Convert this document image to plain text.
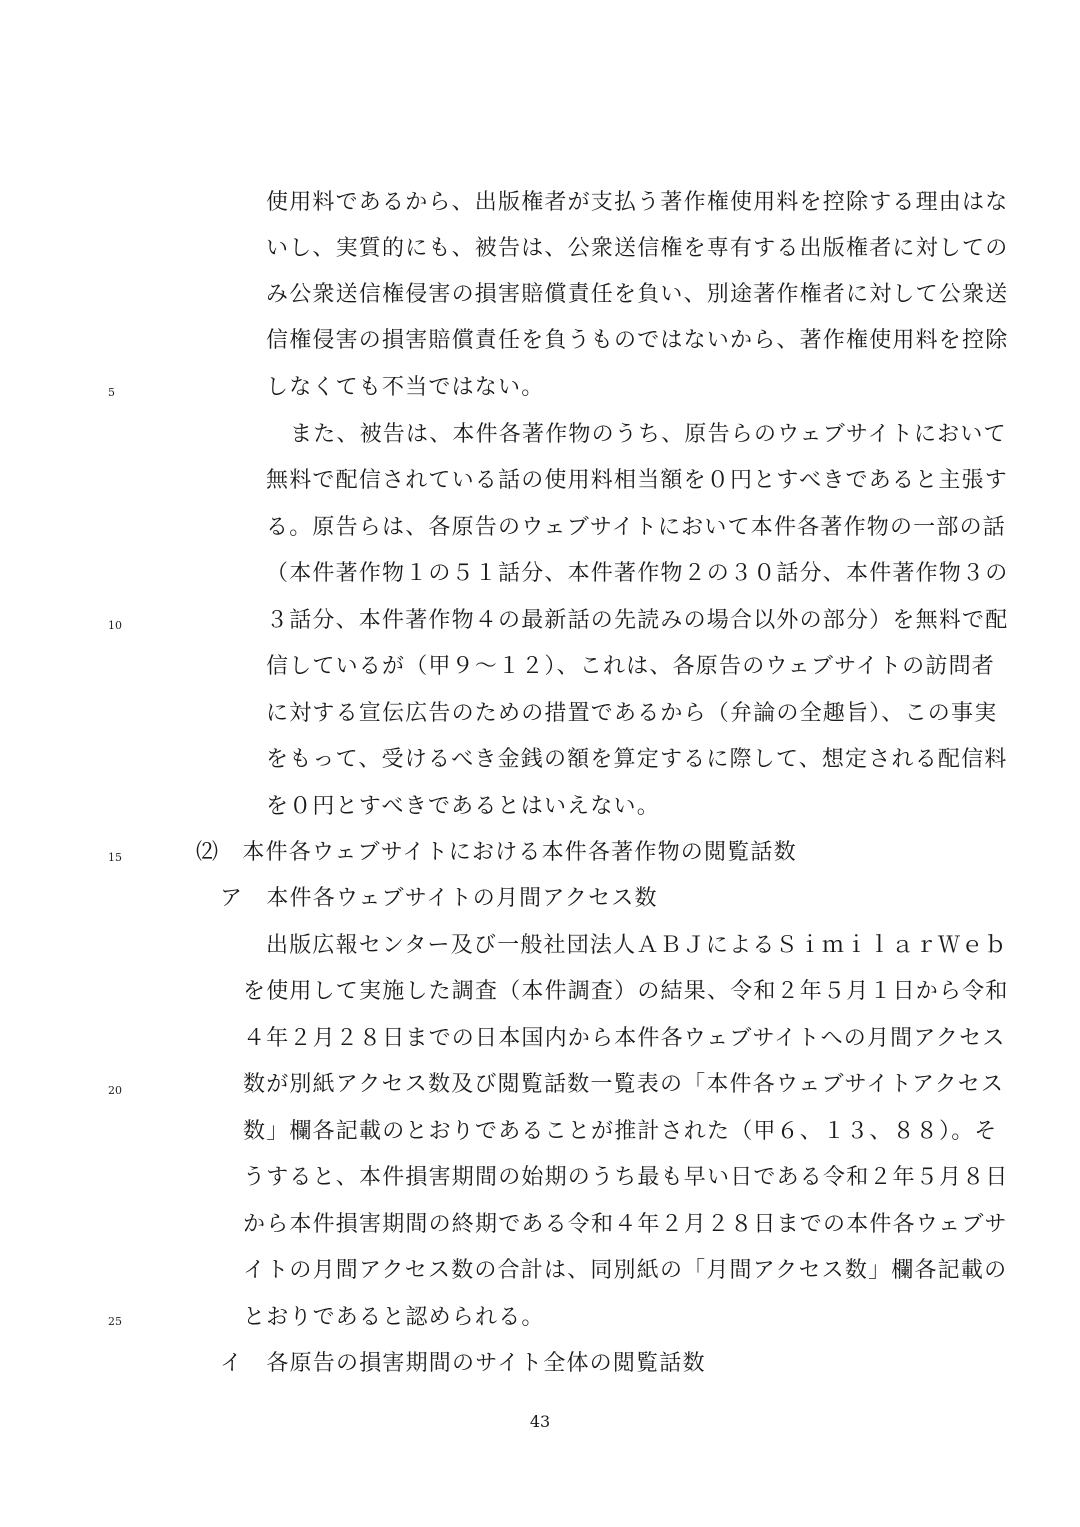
使用料であるから、出版権者が支払う著作権使用料を控除する理由はな
いし、実質的にも、被告は、公衆送信権を専有する出版権者に対しての
み公衆送信権侵害の損害賠償責任を負い、別途著作権者に対して公衆送
信権侵害の損害賠償責任を負うものではないから、著作権使用料を控除
しなくても不当ではない。
また、被告は、本件各著作物のうち、原告らのウェブサイトにおいて
無料で配信されている話の使用料相当額を０円とすべきであると主張す
る。原告らは、各原告のウェブサイトにおいて本件各著作物の一部の話
（本件著作物１の５１話分、本件著作物２の３０話分、本件著作物３の
３話分、本件著作物４の最新話の先読みの場合以外の部分）を無料で配
信しているが（甲９～１２）、これは、各原告のウェブサイトの訪問者
に対する宣伝広告のための措置であるから（弁論の全趣旨）、この事実
をもって、受けるべき金銭の額を算定するに際して、想定される配信料
を０円とすべきであるとはいえない。
⑵　本件各ウェブサイトにおける本件各著作物の閲覧話数
ア　本件各ウェブサイトの月間アクセス数
出版広報センター及び一般社団法人ＡＢＪによるＳｉｍｉｌａｒＷｅｂ
を使用して実施した調査（本件調査）の結果、令和２年５月１日から令和
４年２月２８日までの日本国内から本件各ウェブサイトへの月間アクセス
数が別紙アクセス数及び閲覧話数一覧表の「本件各ウェブサイトアクセス
数」欄各記載のとおりであることが推計された（甲６、１３、８８）。そ
うすると、本件損害期間の始期のうち最も早い日である令和２年５月８日
から本件損害期間の終期である令和４年２月２８日までの本件各ウェブサ
イトの月間アクセス数の合計は、同別紙の「月間アクセス数」欄各記載の
とおりであると認められる。
イ　各原告の損害期間のサイト全体の閲覧話数
5
10
15
20
25
43
